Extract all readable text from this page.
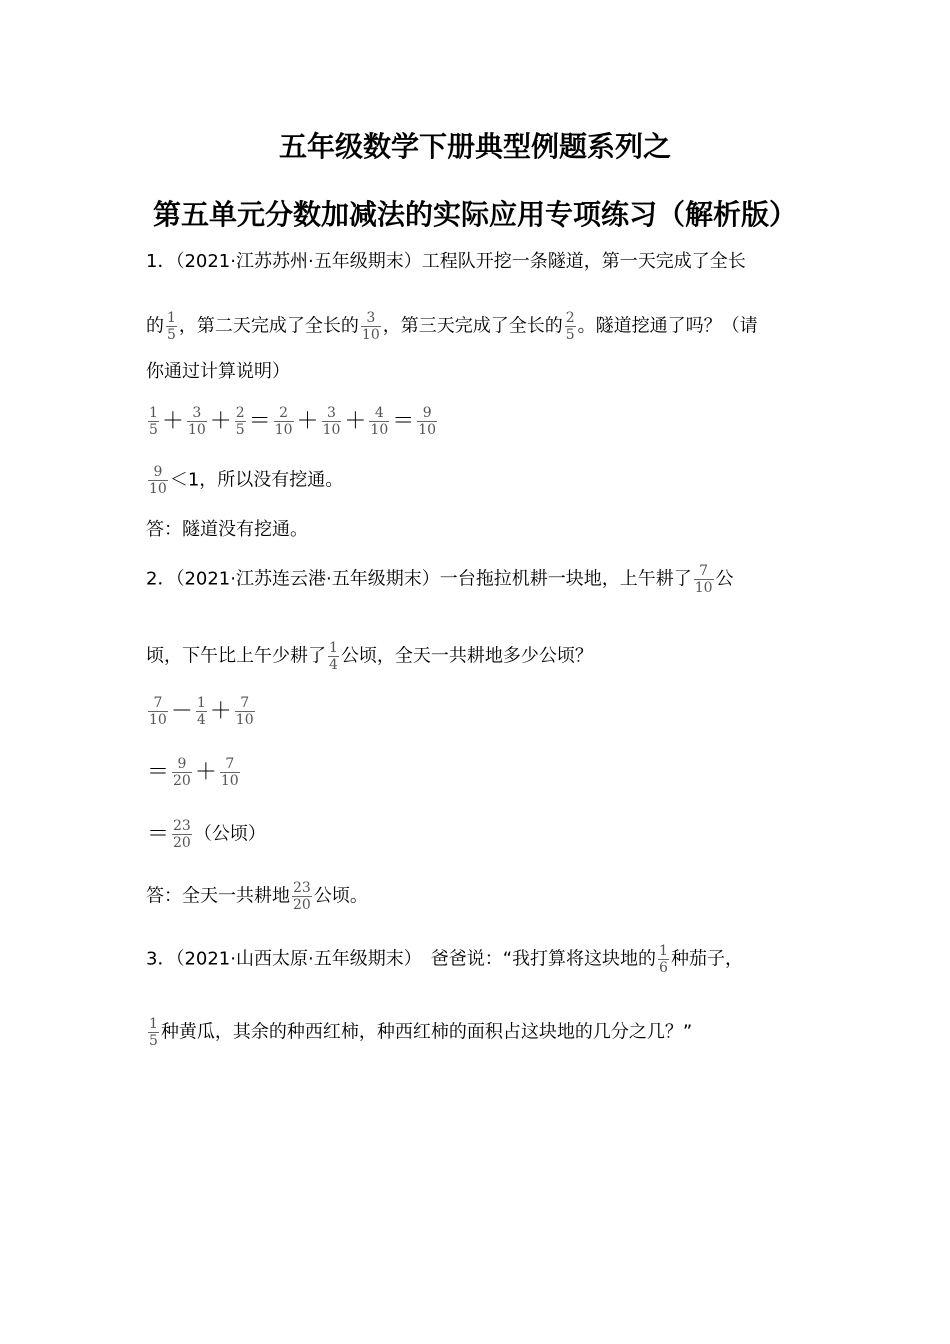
五年级数学下册典型例题系列之
第五单元分数加减法的实际应用专项练习（解析版）
1．（2021·江苏苏州·五年级期末）工程队开挖一条隧道，第一天完成了全长
的 $\frac{1}{5}$ ，第二天完成了全长的 $\frac{3}{10}$ ，第三天完成了全长的 $\frac{2}{5}$ 。隧道挖通了吗？（请
你通过计算说明）
$\frac{1}{5} + \frac{3}{10} + \frac{2}{5} = \frac{2}{10} + \frac{3}{10} + \frac{4}{10} = \frac{9}{10}$
$\frac{9}{10} <1$，所以没有挖通。
答：隧道没有挖通。
2．（2021·江苏连云港·五年级期末）一台拖拉机耕一块地，上午耕了 $\frac{7}{10}$ 公
顷，下午比上午少耕了 $\frac{1}{4}$ 公顷，全天一共耕地多少公顷？
$\frac{7}{10} - \frac{1}{4} + \frac{7}{10}$
＝ $\frac{9}{20} + \frac{7}{10}$
＝ $\frac{23}{20}$ （公顷）
答：全天一共耕地 $\frac{23}{20}$ 公顷。
3．（2021·山西太原·五年级期末）　爸爸说：“我打算将这块地的 $\frac{1}{6}$ 种茄子，
$\frac{1}{5}$ 种黄瓜，其余的种西红柿，种西红柿的面积占这块地的几分之几？”
